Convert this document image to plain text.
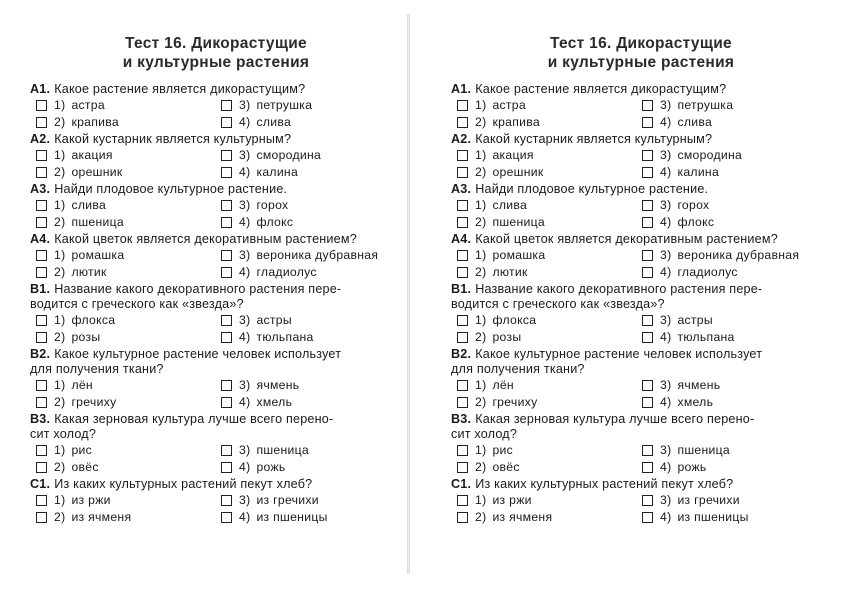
Тест 16. Дикорастущие
и культурные растения
А1. Какое растение является дикорастущим?
1) астра	3) петрушка
2) крапива	4) слива
А2. Какой кустарник является культурным?
1) акация	3) смородина
2) орешник	4) калина
А3. Найди плодовое культурное растение.
1) слива	3) горох
2) пшеница	4) флокс
А4. Какой цветок является декоративным растением?
1) ромашка	3) вероника дубравная
2) лютик	4) гладиолус
В1. Название какого декоративного растения пере-
водится с греческого как «звезда»?
1) флокса	3) астры
2) розы	4) тюльпана
В2. Какое культурное растение человек использует
для получения ткани?
1) лён	3) ячмень
2) гречиху	4) хмель
В3. Какая зерновая культура лучше всего перено-
сит холод?
1) рис	3) пшеница
2) овёс	4) рожь
С1. Из каких культурных растений пекут хлеб?
1) из ржи	3) из гречихи
2) из ячменя	4) из пшеницы
Тест 16. Дикорастущие
и культурные растения
А1. Какое растение является дикорастущим?
1) астра	3) петрушка
2) крапива	4) слива
А2. Какой кустарник является культурным?
1) акация	3) смородина
2) орешник	4) калина
А3. Найди плодовое культурное растение.
1) слива	3) горох
2) пшеница	4) флокс
А4. Какой цветок является декоративным растением?
1) ромашка	3) вероника дубравная
2) лютик	4) гладиолус
В1. Название какого декоративного растения пере-
водится с греческого как «звезда»?
1) флокса	3) астры
2) розы	4) тюльпана
В2. Какое культурное растение человек использует
для получения ткани?
1) лён	3) ячмень
2) гречиху	4) хмель
В3. Какая зерновая культура лучше всего перено-
сит холод?
1) рис	3) пшеница
2) овёс	4) рожь
С1. Из каких культурных растений пекут хлеб?
1) из ржи	3) из гречихи
2) из ячменя	4) из пшеницы
